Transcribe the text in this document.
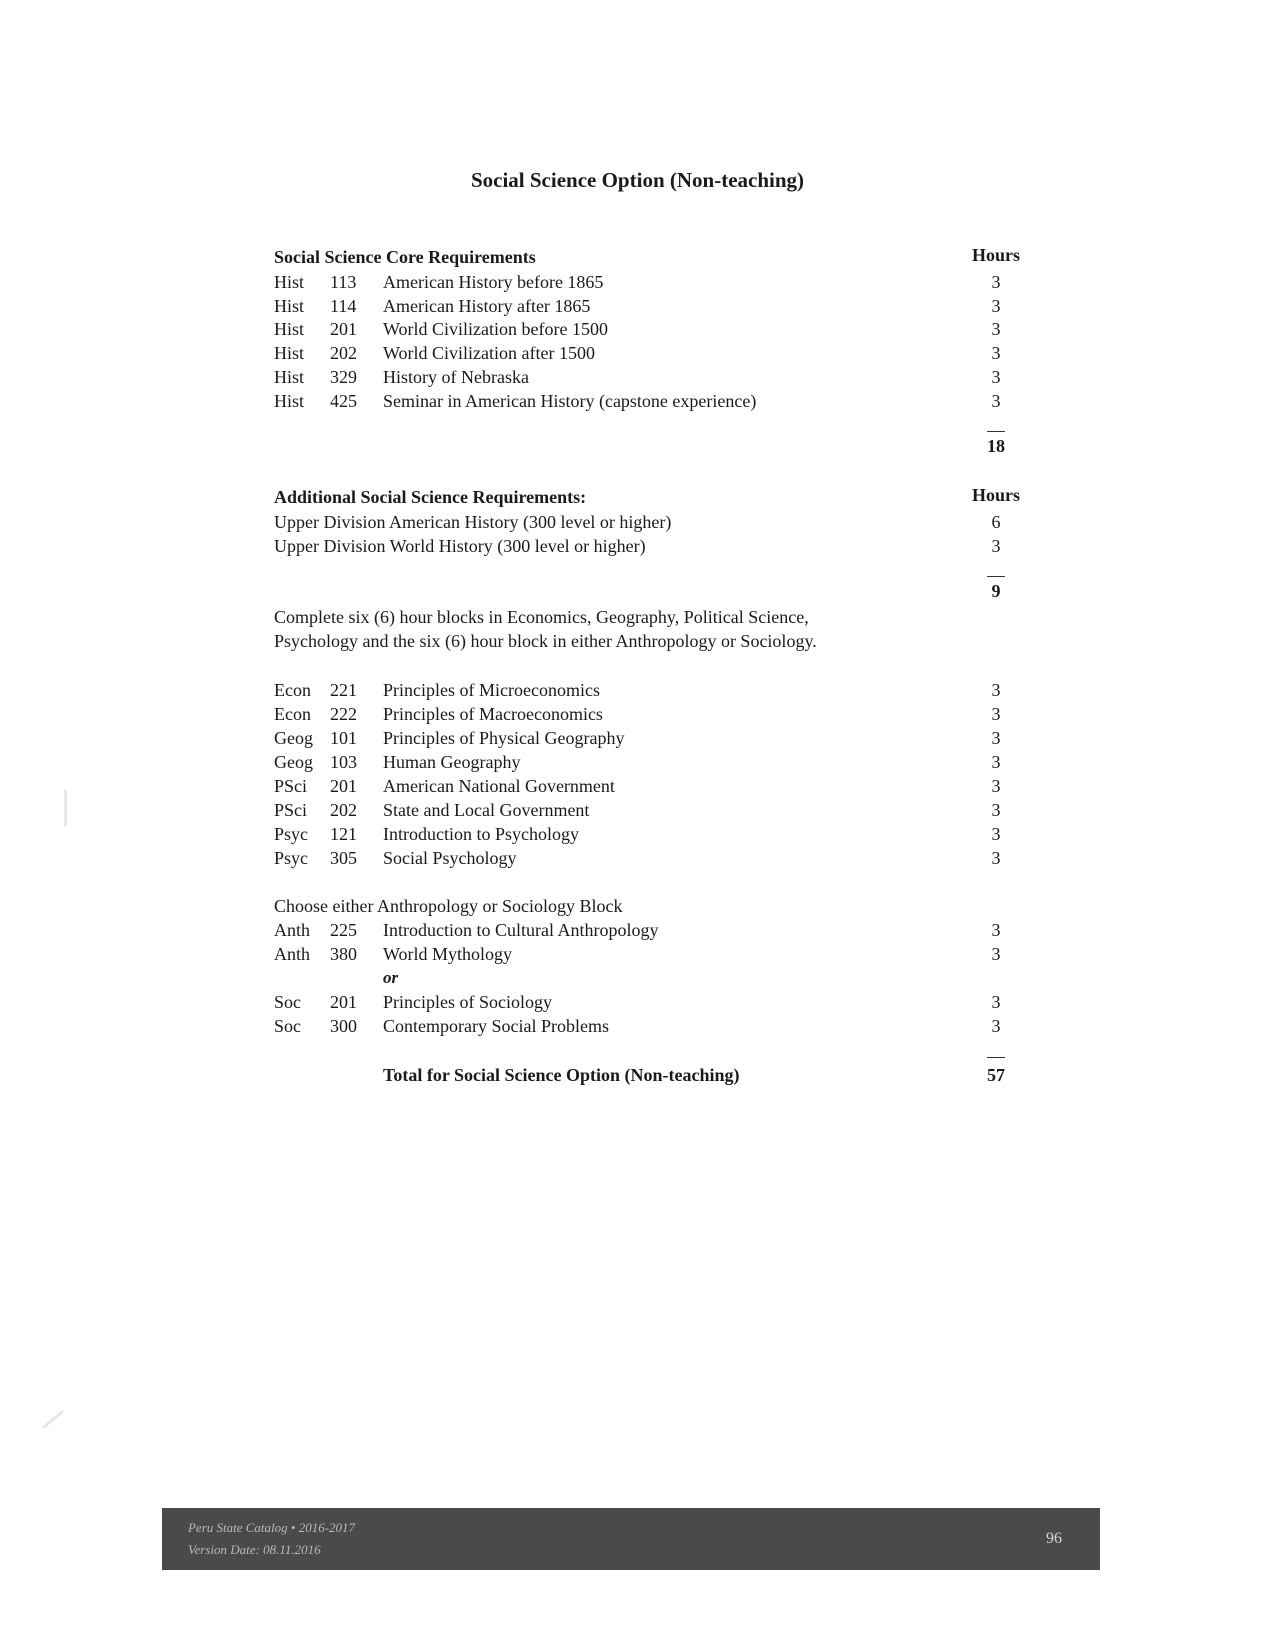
Social Science Option (Non-teaching)
Social Science Core Requirements	Hours
Hist 113 American History before 1865	3
Hist 114 American History after 1865	3
Hist 201 World Civilization before 1500	3
Hist 202 World Civilization after 1500	3
Hist 329 History of Nebraska	3
Hist 425 Seminar in American History (capstone experience)	3
18
Additional Social Science Requirements:	Hours
Upper Division American History (300 level or higher)	6
Upper Division World History (300 level or higher)	3
9
Complete six (6) hour blocks in Economics, Geography, Political Science,
Psychology and the six (6) hour block in either Anthropology or Sociology.
Econ 221 Principles of Microeconomics	3
Econ 222 Principles of Macroeconomics	3
Geog 101 Principles of Physical Geography	3
Geog 103 Human Geography	3
PSci 201 American National Government	3
PSci 202 State and Local Government	3
Psyc 121 Introduction to Psychology	3
Psyc 305 Social Psychology	3
Choose either Anthropology or Sociology Block
Anth 225 Introduction to Cultural Anthropology	3
Anth 380 World Mythology	3
or
Soc 201 Principles of Sociology	3
Soc 300 Contemporary Social Problems	3
Total for Social Science Option (Non-teaching)	57
Peru State Catalog • 2016-2017
Version Date: 08.11.2016
96
